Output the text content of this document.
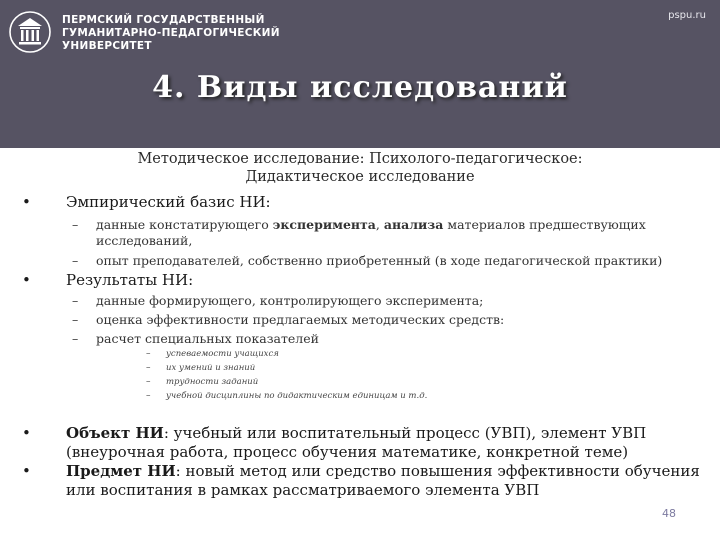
ПЕРМСКИЙ ГОСУДАРСТВЕННЫЙ
ГУМАНИТАРНО-ПЕДАГОГИЧЕСКИЙ
УНИВЕРСИТЕТ
pspu.ru
4. Виды исследований
Методическое исследование: Психолого-педагогическое:
Дидактическое исследование
• Эмпирический базис НИ:
– данные констатирующего эксперимента, анализа материалов предшествующих
исследований,
– опыт преподавателей, собственно приобретенный (в ходе педагогической практики)
• Результаты НИ:
– данные формирующего, контролирующего эксперимента;
– оценка эффективности предлагаемых методических средств:
– расчет специальных показателей
– успеваемости учащихся
– их умений и знаний
– трудности заданий
– учебной дисциплины по дидактическим единицам и т.д.
• Объект НИ: учебный или воспитательный процесс (УВП), элемент УВП
(внеурочная работа, процесс обучения математике, конкретной теме)
• Предмет НИ: новый метод или средство повышения эффективности обучения
или воспитания в рамках рассматриваемого элемента УВП
48
